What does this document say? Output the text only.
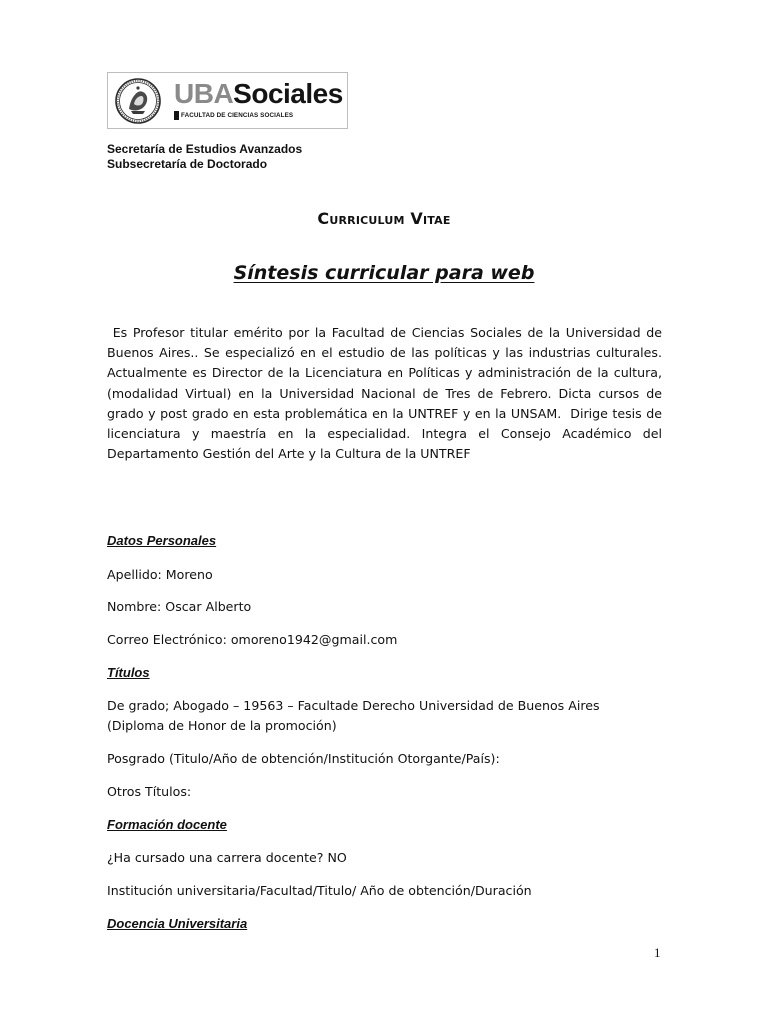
UBASociales
FACULTAD DE CIENCIAS SOCIALES
Secretaría de Estudios Avanzados
Subsecretaría de Doctorado
Curriculum Vitae
Síntesis curricular para web

Es Profesor titular emérito por la Facultad de Ciencias Sociales de la Universidad de Buenos Aires.. Se especializó en el estudio de las políticas y las industrias culturales.   Actualmente es Director de la Licenciatura en Políticas y administración de la cultura, (modalidad Virtual) en la Universidad Nacional de Tres de Febrero. Dicta cursos de grado y post grado en esta problemática en la UNTREF y en la UNSAM.  Dirige tesis de licenciatura y maestría en la especialidad. Integra el Consejo Académico del Departamento Gestión del Arte y la Cultura de la UNTREF

Datos Personales
Apellido: Moreno
Nombre: Oscar Alberto
Correo Electrónico: omoreno1942@gmail.com
Títulos
De grado; Abogado – 19563 – Facultade Derecho Universidad de Buenos Aires
(Diploma de Honor de la promoción)
Posgrado (Titulo/Año de obtención/Institución Otorgante/País):
Otros Títulos:
Formación docente
¿Ha cursado una carrera docente? NO
Institución universitaria/Facultad/Titulo/ Año de obtención/Duración
Docencia Universitaria
1
